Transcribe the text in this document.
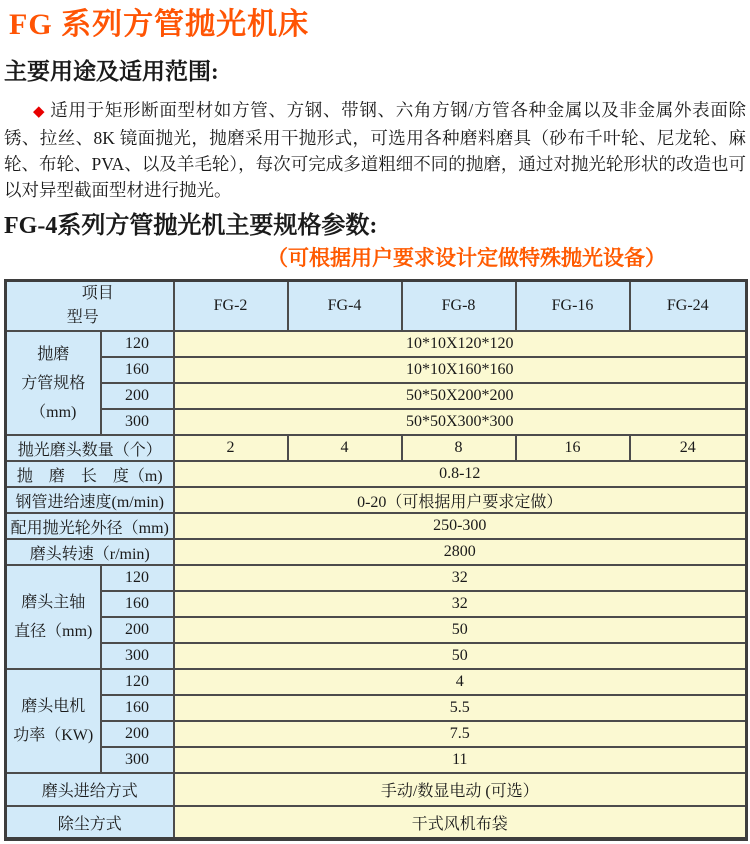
FG 系列方管抛光机床
主要用途及适用范围:
◆ 适用于矩形断面型材如方管、方钢、带钢、六角方钢/方管各种金属以及非金属外表面除锈、拉丝、8K 镜面抛光，抛磨采用干抛形式，可选用各种磨料磨具（砂布千叶轮、尼龙轮、麻轮、布轮、PVA、以及羊毛轮），每次可完成多道粗细不同的抛磨，通过对抛光轮形状的改造也可以对异型截面型材进行抛光。
FG-4系列方管抛光机主要规格参数:
（可根据用户要求设计定做特殊抛光设备）
项目
型号		FG-2	FG-4	FG-8	FG-16	FG-24

抛磨
方管规格
（mm)	120	10*10X120*120				
	160	10*10X160*160				
	200	50*50X200*200				
	300	50*50X300*300				
抛光磨头数量（个）		2	4	8	16	24
抛　磨　长　度（m)		0.8-12				
钢管进给速度(m/min)		0-20（可根据用户要求定做）				
配用抛光轮外径（mm)		250-300				
磨头转速（r/min)		2800				

磨头主轴
直径（mm)	120	32				
	160	32				
	200	50				
	300	50				

磨头电机
功率（KW)	120	4				
	160	5.5				
	200	7.5				
	300	11				
磨头进给方式		手动/数显电动 (可选）				
除尘方式		干式风机布袋				
